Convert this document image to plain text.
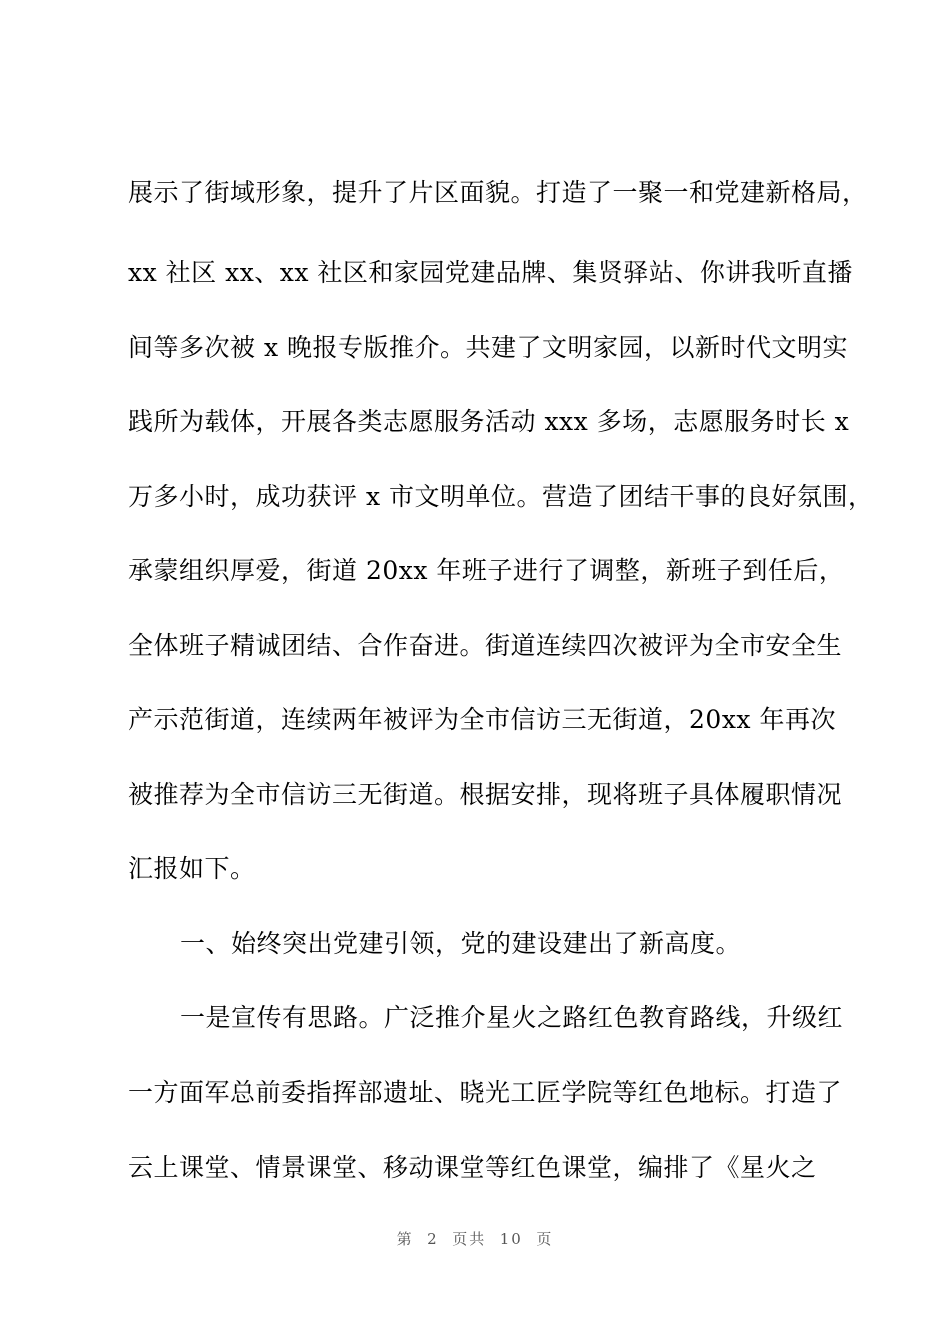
展示了街域形象，提升了片区面貌。打造了一聚一和党建新格局，
xx 社区 xx、xx 社区和家园党建品牌、集贤驿站、你讲我听直播
间等多次被 x 晚报专版推介。共建了文明家园，以新时代文明实
践所为载体，开展各类志愿服务活动 xxx 多场，志愿服务时长 x
万多小时，成功获评 x 市文明单位。营造了团结干事的良好氛围，
承蒙组织厚爱，街道 20xx 年班子进行了调整，新班子到任后，
全体班子精诚团结、合作奋进。街道连续四次被评为全市安全生
产示范街道，连续两年被评为全市信访三无街道，20xx 年再次
被推荐为全市信访三无街道。根据安排，现将班子具体履职情况
汇报如下。
一、始终突出党建引领，党的建设建出了新高度。
一是宣传有思路。广泛推介星火之路红色教育路线，升级红
一方面军总前委指挥部遗址、晓光工匠学院等红色地标。打造了
云上课堂、情景课堂、移动课堂等红色课堂，编排了《星火之
第  2  页共  10  页
